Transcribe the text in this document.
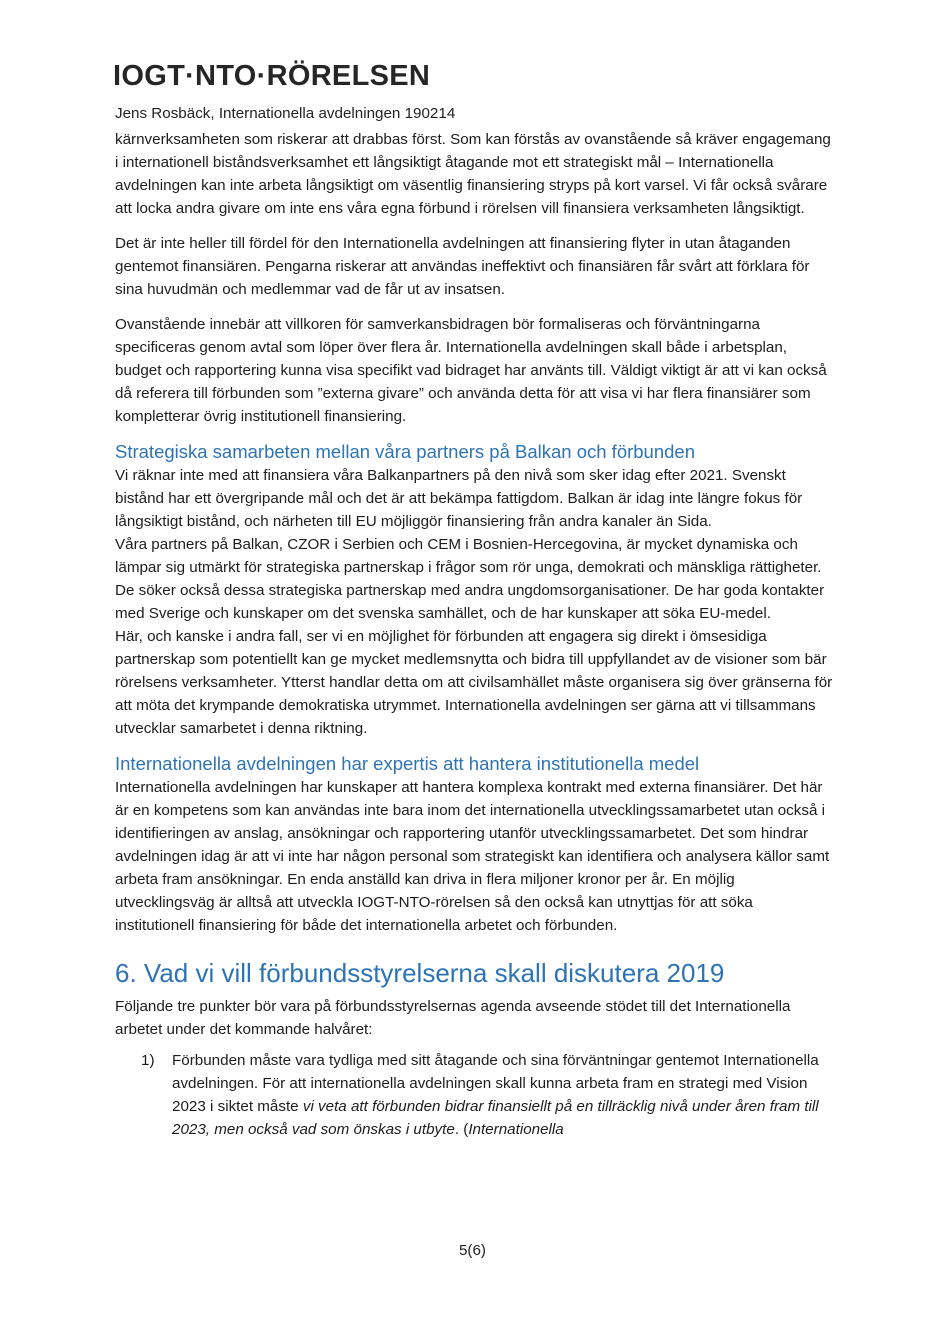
IOGT·NTO·RÖRELSEN
Jens Rosbäck, Internationella avdelningen 190214

kärnverksamheten som riskerar att drabbas först. Som kan förstås av ovanstående så kräver engagemang i internationell biståndsverksamhet ett långsiktigt åtagande mot ett strategiskt mål – Internationella avdelningen kan inte arbeta långsiktigt om väsentlig finansiering stryps på kort varsel. Vi får också svårare att locka andra givare om inte ens våra egna förbund i rörelsen vill finansiera verksamheten långsiktigt.

Det är inte heller till fördel för den Internationella avdelningen att finansiering flyter in utan åtaganden gentemot finansiären. Pengarna riskerar att användas ineffektivt och finansiären får svårt att förklara för sina huvudmän och medlemmar vad de får ut av insatsen.

Ovanstående innebär att villkoren för samverkansbidragen bör formaliseras och förväntningarna specificeras genom avtal som löper över flera år. Internationella avdelningen skall både i arbetsplan, budget och rapportering kunna visa specifikt vad bidraget har använts till. Väldigt viktigt är att vi kan också då referera till förbunden som ”externa givare” och använda detta för att visa vi har flera finansiärer som kompletterar övrig institutionell finansiering.

Strategiska samarbeten mellan våra partners på Balkan och förbunden

Vi räknar inte med att finansiera våra Balkanpartners på den nivå som sker idag efter 2021. Svenskt bistånd har ett övergripande mål och det är att bekämpa fattigdom. Balkan är idag inte längre fokus för långsiktigt bistånd, och närheten till EU möjliggör finansiering från andra kanaler än Sida.

Våra partners på Balkan, CZOR i Serbien och CEM i Bosnien-Hercegovina, är mycket dynamiska och lämpar sig utmärkt för strategiska partnerskap i frågor som rör unga, demokrati och mänskliga rättigheter. De söker också dessa strategiska partnerskap med andra ungdomsorganisationer. De har goda kontakter med Sverige och kunskaper om det svenska samhället, och de har kunskaper att söka EU-medel.

Här, och kanske i andra fall, ser vi en möjlighet för förbunden att engagera sig direkt i ömsesidiga partnerskap som potentiellt kan ge mycket medlemsnytta och bidra till uppfyllandet av de visioner som bär rörelsens verksamheter. Ytterst handlar detta om att civilsamhället måste organisera sig över gränserna för att möta det krympande demokratiska utrymmet. Internationella avdelningen ser gärna att vi tillsammans utvecklar samarbetet i denna riktning.

Internationella avdelningen har expertis att hantera institutionella medel

Internationella avdelningen har kunskaper att hantera komplexa kontrakt med externa finansiärer. Det här är en kompetens som kan användas inte bara inom det internationella utvecklingssamarbetet utan också i identifieringen av anslag, ansökningar och rapportering utanför utvecklingssamarbetet. Det som hindrar avdelningen idag är att vi inte har någon personal som strategiskt kan identifiera och analysera källor samt arbeta fram ansökningar. En enda anställd kan driva in flera miljoner kronor per år. En möjlig utvecklingsväg är alltså att utveckla IOGT-NTO-rörelsen så den också kan utnyttjas för att söka institutionell finansiering för både det internationella arbetet och förbunden.

6. Vad vi vill förbundsstyrelserna skall diskutera 2019

Följande tre punkter bör vara på förbundsstyrelsernas agenda avseende stödet till det Internationella arbetet under det kommande halvåret:

1) Förbunden måste vara tydliga med sitt åtagande och sina förväntningar gentemot Internationella avdelningen. För att internationella avdelningen skall kunna arbeta fram en strategi med Vision 2023 i siktet måste vi veta att förbunden bidrar finansiellt på en tillräcklig nivå under åren fram till 2023, men också vad som önskas i utbyte. (Internationella
5(6)
